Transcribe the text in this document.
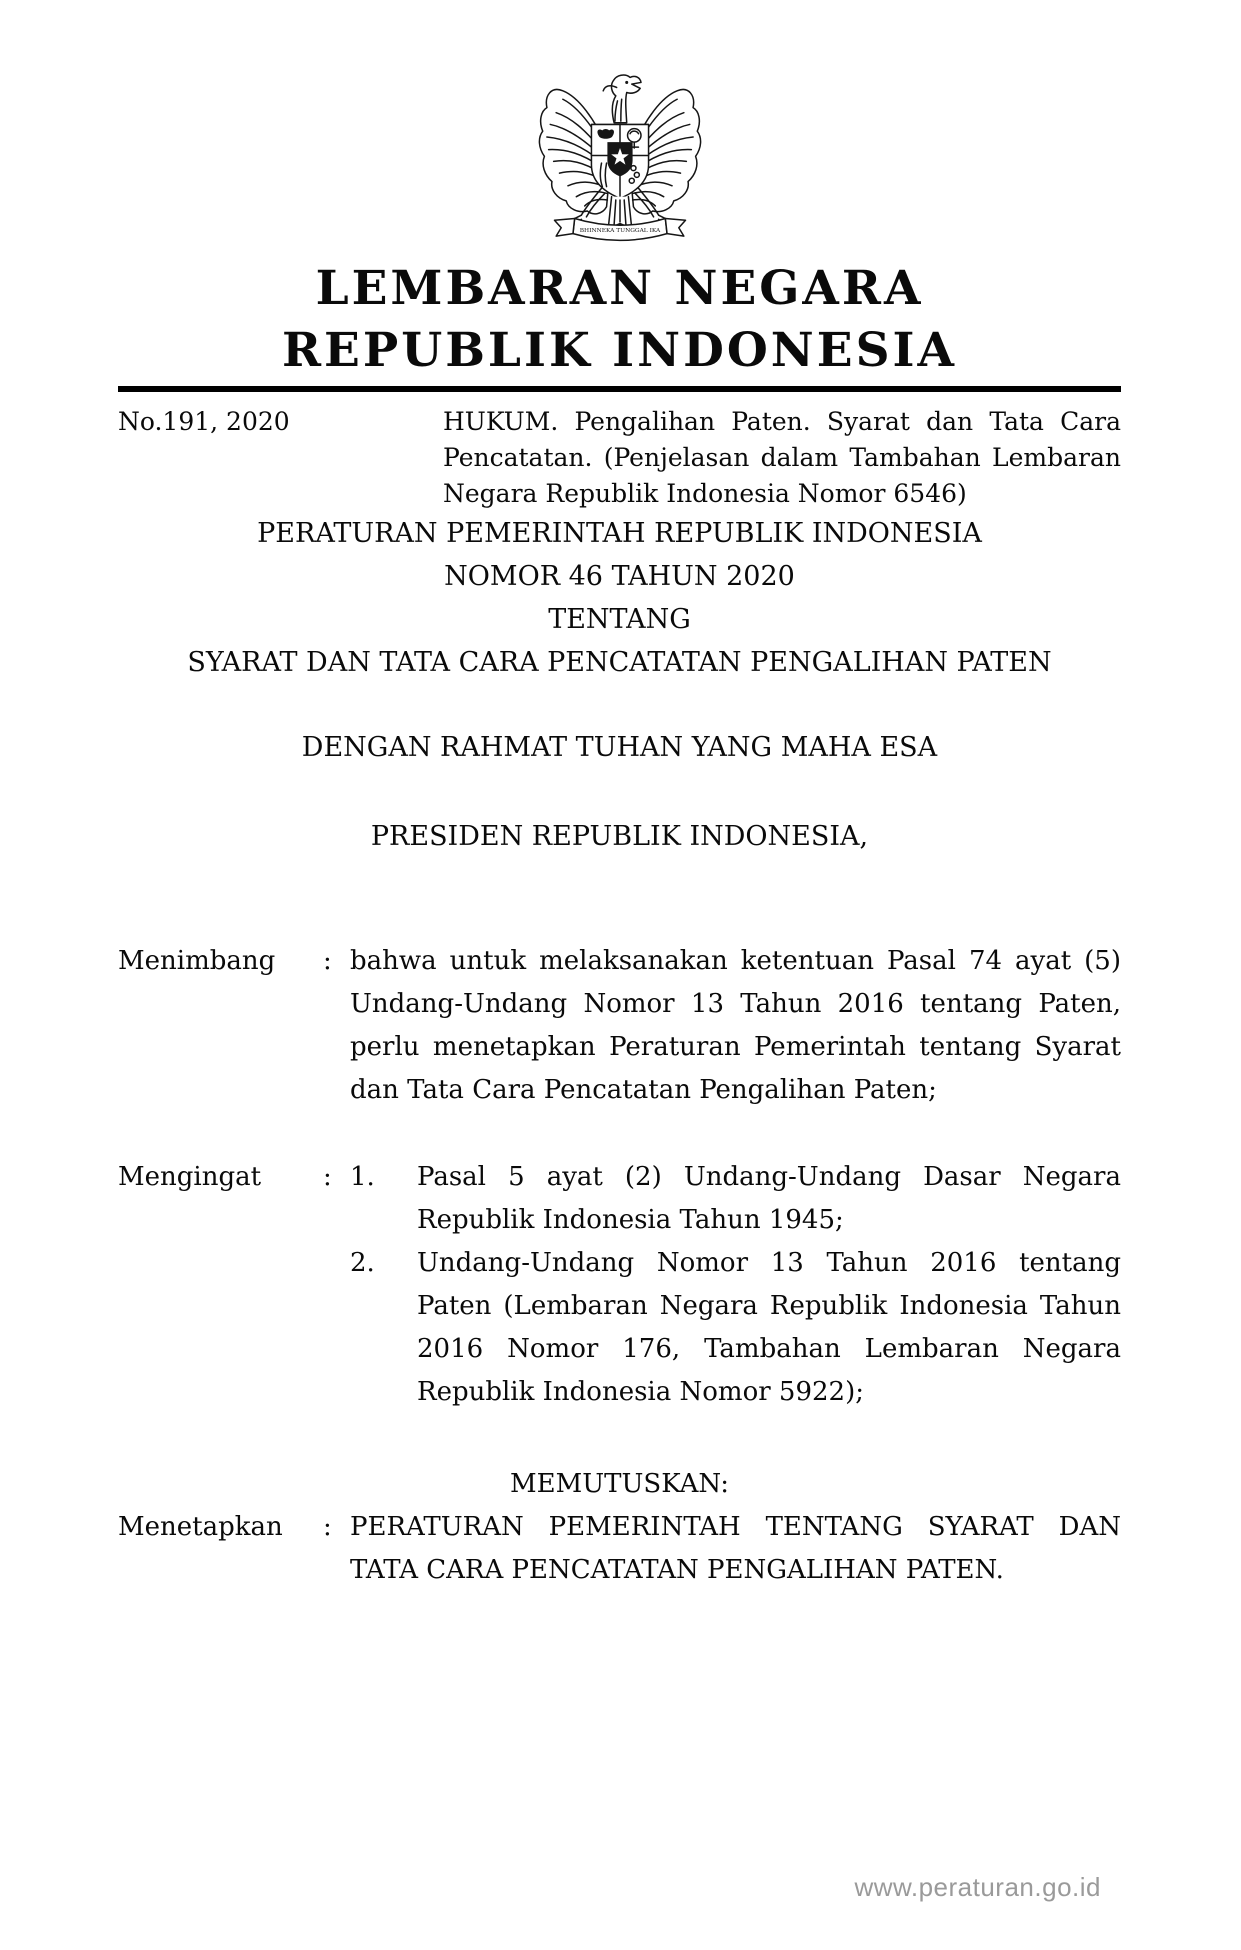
BHINNEKA TUNGGAL IKA
LEMBARAN NEGARA
REPUBLIK INDONESIA
No.191, 2020	HUKUM. Pengalihan Paten. Syarat dan Tata Cara Pencatatan. (Penjelasan dalam Tambahan Lembaran Negara Republik Indonesia Nomor 6546)
PERATURAN PEMERINTAH REPUBLIK INDONESIA
NOMOR 46 TAHUN 2020
TENTANG
SYARAT DAN TATA CARA PENCATATAN PENGALIHAN PATEN
DENGAN RAHMAT TUHAN YANG MAHA ESA
PRESIDEN REPUBLIK INDONESIA,
Menimbang	: bahwa untuk melaksanakan ketentuan Pasal 74 ayat (5) Undang-Undang Nomor 13 Tahun 2016 tentang Paten, perlu menetapkan Peraturan Pemerintah tentang Syarat dan Tata Cara Pencatatan Pengalihan Paten;
Mengingat	: 1.	Pasal 5 ayat (2) Undang-Undang Dasar Negara Republik Indonesia Tahun 1945;
2.	Undang-Undang Nomor 13 Tahun 2016 tentang Paten (Lembaran Negara Republik Indonesia Tahun 2016 Nomor 176, Tambahan Lembaran Negara Republik Indonesia Nomor 5922);
MEMUTUSKAN:
Menetapkan	: PERATURAN PEMERINTAH TENTANG SYARAT DAN TATA CARA PENCATATAN PENGALIHAN PATEN.
www.peraturan.go.id
